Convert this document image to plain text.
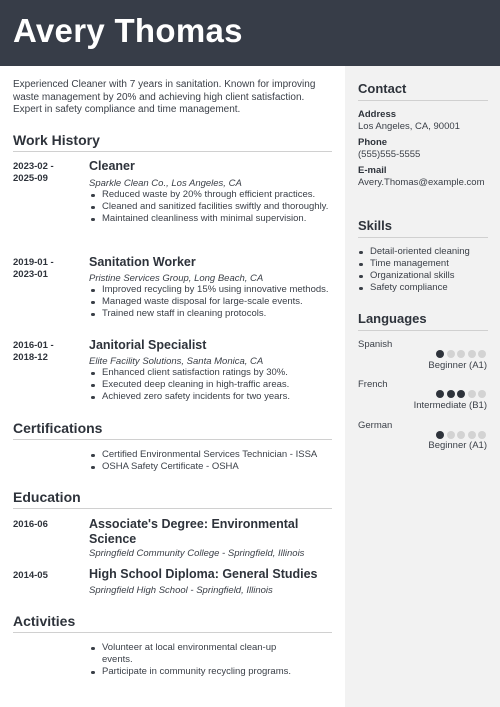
Avery Thomas

Experienced Cleaner with 7 years in sanitation. Known for improving waste management by 20% and achieving high client satisfaction. Expert in safety compliance and time management.

Work History
2023-02 -
2025-09
Cleaner
Sparkle Clean Co., Los Angeles, CA
Reduced waste by 20% through efficient practices.
Cleaned and sanitized facilities swiftly and thoroughly.
Maintained cleanliness with minimal supervision.
2019-01 -
2023-01
Sanitation Worker
Pristine Services Group, Long Beach, CA
Improved recycling by 15% using innovative methods.
Managed waste disposal for large-scale events.
Trained new staff in cleaning protocols.
2016-01 -
2018-12
Janitorial Specialist
Elite Facility Solutions, Santa Monica, CA
Enhanced client satisfaction ratings by 30%.
Executed deep cleaning in high-traffic areas.
Achieved zero safety incidents for two years.
Certifications
Certified Environmental Services Technician - ISSA
OSHA Safety Certificate - OSHA
Education
2016-06	Associate's Degree: Environmental Science
Springfield Community College - Springfield, Illinois
2014-05	High School Diploma: General Studies
Springfield High School - Springfield, Illinois
Activities
Volunteer at local environmental clean-up events.
Participate in community recycling programs.
Contact
Address
Los Angeles, CA, 90001
Phone
(555)555-5555
E-mail
Avery.Thomas@example.com
Skills
Detail-oriented cleaning
Time management
Organizational skills
Safety compliance
Languages
Spanish
Beginner (A1)
French
Intermediate (B1)
German
Beginner (A1)
